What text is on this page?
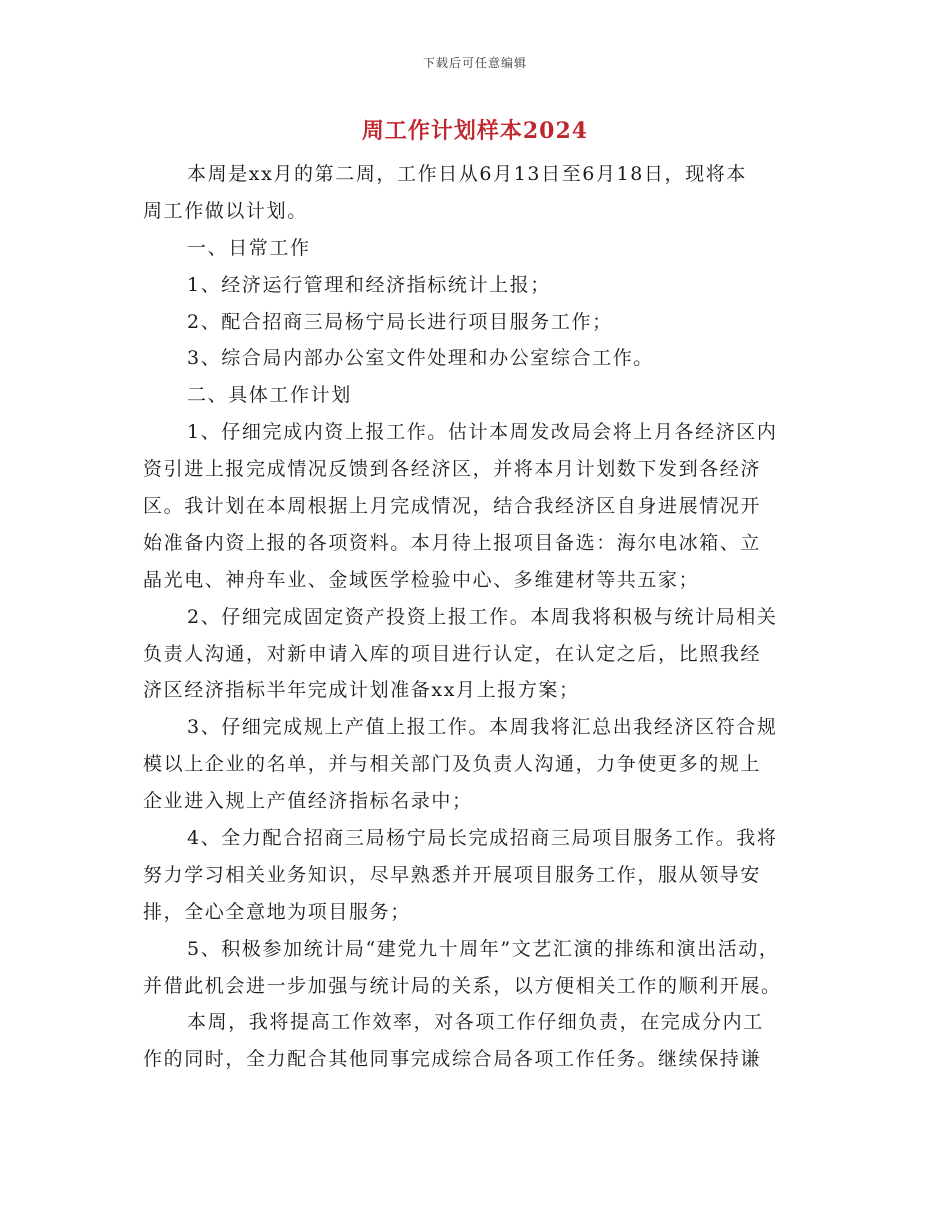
下载后可任意编辑
周工作计划样本2024
本周是xx月的第二周，工作日从6月13日至6月18日，现将本
周工作做以计划。
一、日常工作
1、经济运行管理和经济指标统计上报；
2、配合招商三局杨宁局长进行项目服务工作；
3、综合局内部办公室文件处理和办公室综合工作。
二、具体工作计划
1、仔细完成内资上报工作。估计本周发改局会将上月各经济区内
资引进上报完成情况反馈到各经济区，并将本月计划数下发到各经济
区。我计划在本周根据上月完成情况，结合我经济区自身进展情况开
始准备内资上报的各项资料。本月待上报项目备选：海尔电冰箱、立
晶光电、神舟车业、金域医学检验中心、多维建材等共五家；
2、仔细完成固定资产投资上报工作。本周我将积极与统计局相关
负责人沟通，对新申请入库的项目进行认定，在认定之后，比照我经
济区经济指标半年完成计划准备xx月上报方案；
3、仔细完成规上产值上报工作。本周我将汇总出我经济区符合规
模以上企业的名单，并与相关部门及负责人沟通，力争使更多的规上
企业进入规上产值经济指标名录中；
4、全力配合招商三局杨宁局长完成招商三局项目服务工作。我将
努力学习相关业务知识，尽早熟悉并开展项目服务工作，服从领导安
排，全心全意地为项目服务；
5、积极参加统计局“建党九十周年”文艺汇演的排练和演出活动，
并借此机会进一步加强与统计局的关系，以方便相关工作的顺利开展。
本周，我将提高工作效率，对各项工作仔细负责，在完成分内工
作的同时，全力配合其他同事完成综合局各项工作任务。继续保持谦
